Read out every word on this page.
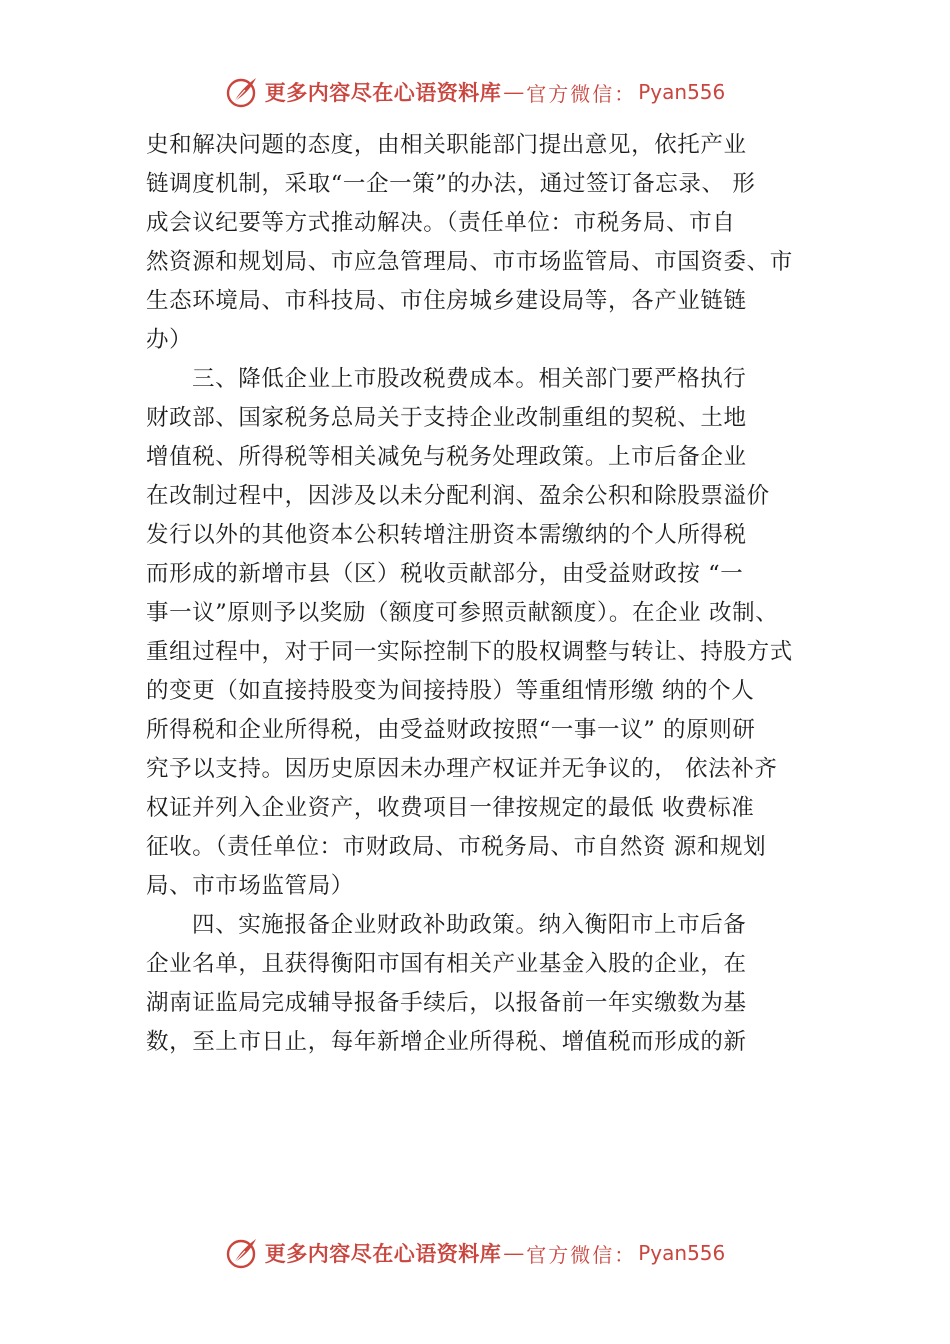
更多内容尽在心语资料库 — 官方微信： Pyan556
史和解决问题的态度，由相关职能部门提出意见，依托产业
链调度机制，采取“一企一策”的办法，通过签订备忘录、 形
成会议纪要等方式推动解决。（责任单位：市税务局、市自
然资源和规划局、市应急管理局、市市场监管局、市国资委、市
生态环境局、市科技局、市住房城乡建设局等，各产业链链
办）
三、降低企业上市股改税费成本。相关部门要严格执行
财政部、国家税务总局关于支持企业改制重组的契税、土地
增值税、所得税等相关减免与税务处理政策。上市后备企业
在改制过程中，因涉及以未分配利润、盈余公积和除股票溢价
发行以外的其他资本公积转增注册资本需缴纳的个人所得税
而形成的新增市县（区）税收贡献部分，由受益财政按 “一
事一议”原则予以奖励（额度可参照贡献额度）。在企业 改制、
重组过程中，对于同一实际控制下的股权调整与转让、持股方式
的变更（如直接持股变为间接持股）等重组情形缴 纳的个人
所得税和企业所得税，由受益财政按照“一事一议” 的原则研
究予以支持。因历史原因未办理产权证并无争议的， 依法补齐
权证并列入企业资产，收费项目一律按规定的最低 收费标准
征收。（责任单位：市财政局、市税务局、市自然资 源和规划
局、市市场监管局）
四、实施报备企业财政补助政策。纳入衡阳市上市后备
企业名单，且获得衡阳市国有相关产业基金入股的企业，在
湖南证监局完成辅导报备手续后，以报备前一年实缴数为基
数，至上市日止，每年新增企业所得税、增值税而形成的新
更多内容尽在心语资料库 — 官方微信： Pyan556
